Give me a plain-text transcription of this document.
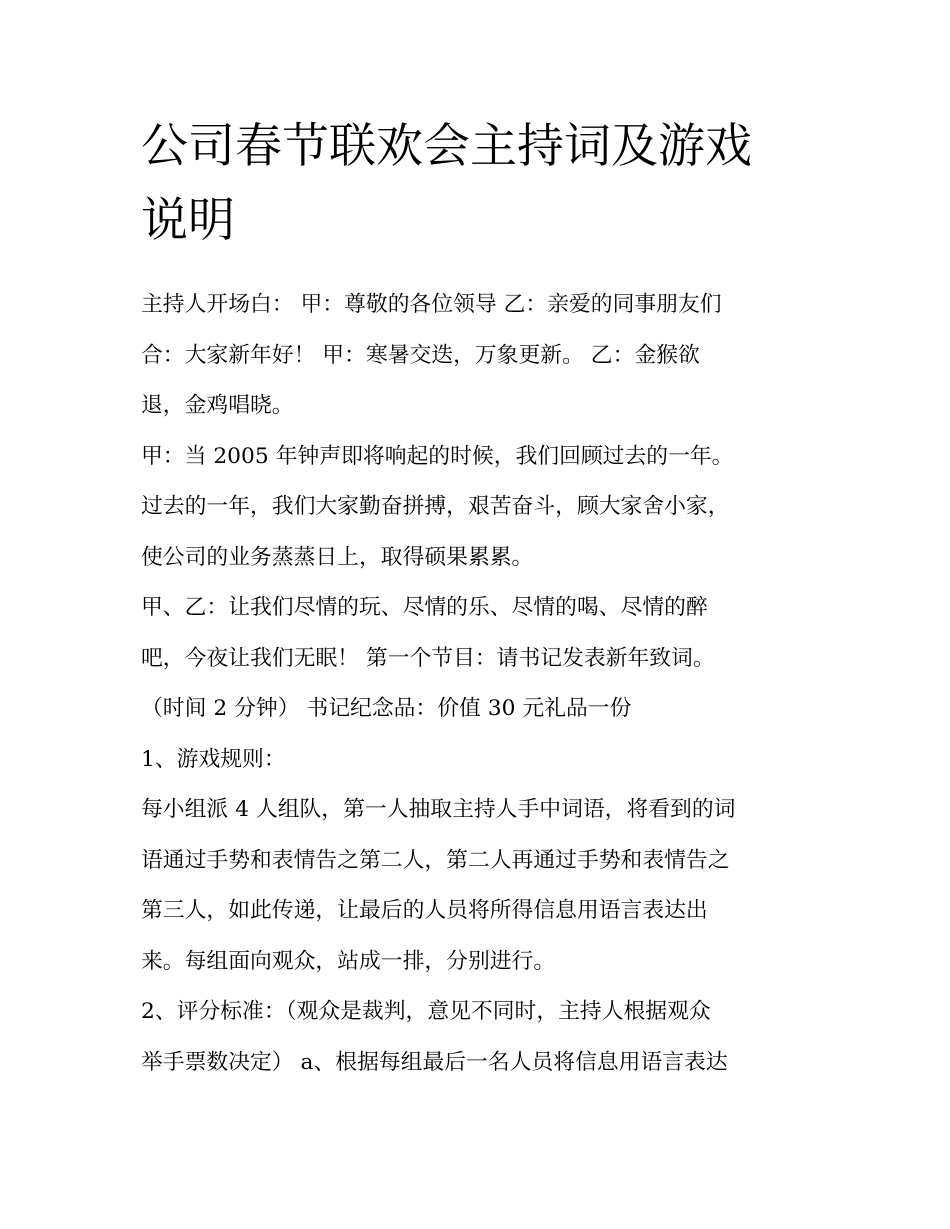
公司春节联欢会主持词及游戏
说明
主持人开场白： 甲：尊敬的各位领导 乙：亲爱的同事朋友们
合：大家新年好！ 甲：寒暑交迭，万象更新。 乙：金猴欲
退，金鸡唱晓。
甲：当 2005 年钟声即将响起的时候，我们回顾过去的一年。
过去的一年，我们大家勤奋拼搏，艰苦奋斗，顾大家舍小家，
使公司的业务蒸蒸日上，取得硕果累累。
甲、乙：让我们尽情的玩、尽情的乐、尽情的喝、尽情的醉
吧，今夜让我们无眠！ 第一个节目：请书记发表新年致词。
（时间 2 分钟） 书记纪念品：价值 30 元礼品一份
1、游戏规则：
每小组派 4 人组队，第一人抽取主持人手中词语，将看到的词
语通过手势和表情告之第二人，第二人再通过手势和表情告之
第三人，如此传递，让最后的人员将所得信息用语言表达出
来。每组面向观众，站成一排，分别进行。
2、评分标准：（观众是裁判，意见不同时，主持人根据观众
举手票数决定） a、根据每组最后一名人员将信息用语言表达
